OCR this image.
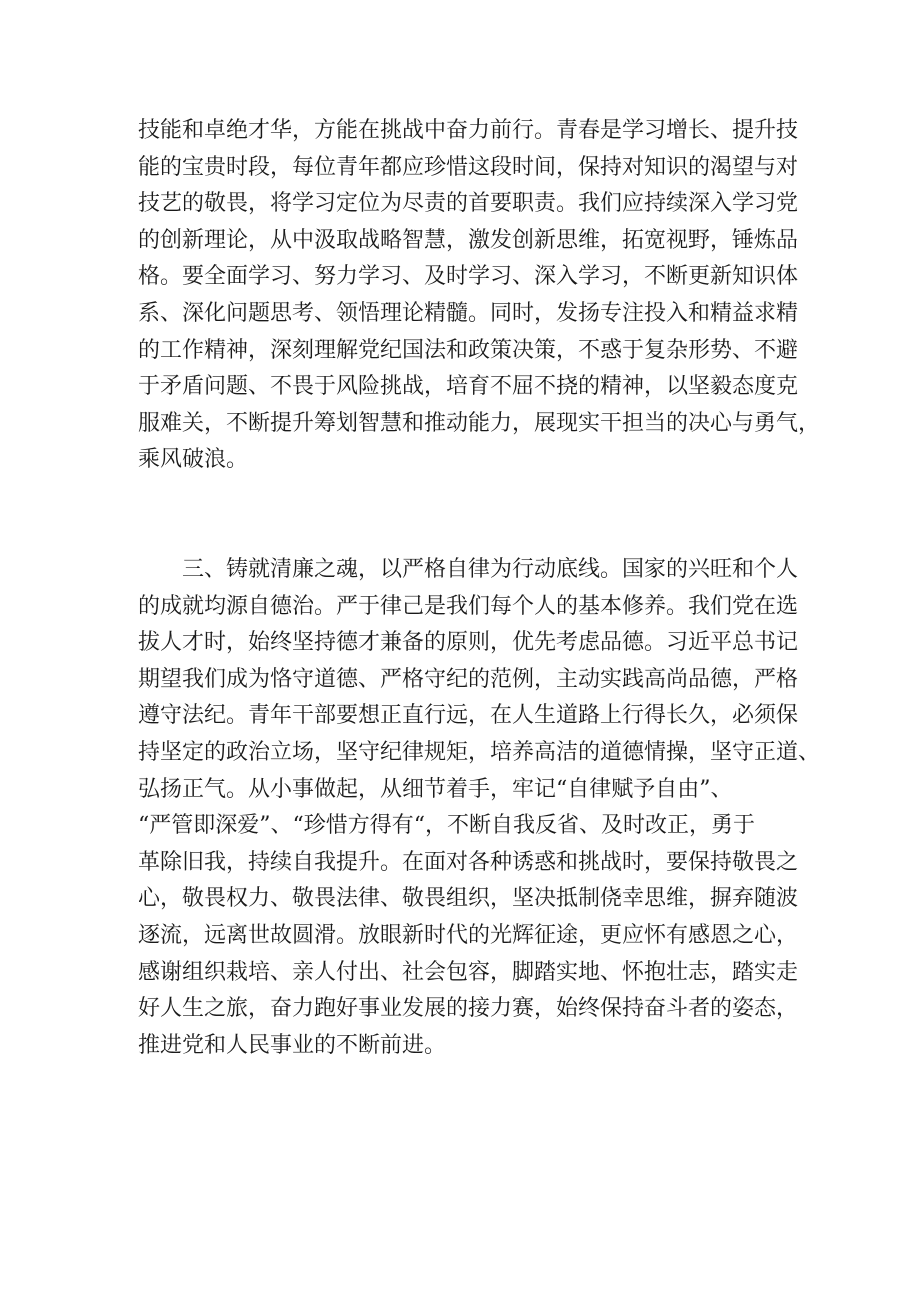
技能和卓绝才华，方能在挑战中奋力前行。青春是学习增长、提升技
能的宝贵时段，每位青年都应珍惜这段时间，保持对知识的渴望与对
技艺的敬畏，将学习定位为尽责的首要职责。我们应持续深入学习党
的创新理论，从中汲取战略智慧，激发创新思维，拓宽视野，锤炼品
格。要全面学习、努力学习、及时学习、深入学习，不断更新知识体
系、深化问题思考、领悟理论精髓。同时，发扬专注投入和精益求精
的工作精神，深刻理解党纪国法和政策决策，不惑于复杂形势、不避
于矛盾问题、不畏于风险挑战，培育不屈不挠的精神，以坚毅态度克
服难关，不断提升筹划智慧和推动能力，展现实干担当的决心与勇气，
乘风破浪。
三、铸就清廉之魂，以严格自律为行动底线。国家的兴旺和个人
的成就均源自德治。严于律己是我们每个人的基本修养。我们党在选
拔人才时，始终坚持德才兼备的原则，优先考虑品德。习近平总书记
期望我们成为恪守道德、严格守纪的范例，主动实践高尚品德，严格
遵守法纪。青年干部要想正直行远，在人生道路上行得长久，必须保
持坚定的政治立场，坚守纪律规矩，培养高洁的道德情操，坚守正道、
弘扬正气。从小事做起，从细节着手，牢记“自律赋予自由”、
“严管即深爱”、“珍惜方得有“，不断自我反省、及时改正，勇于
革除旧我，持续自我提升。在面对各种诱惑和挑战时，要保持敬畏之
心，敬畏权力、敬畏法律、敬畏组织，坚决抵制侥幸思维，摒弃随波
逐流，远离世故圆滑。放眼新时代的光辉征途，更应怀有感恩之心，
感谢组织栽培、亲人付出、社会包容，脚踏实地、怀抱壮志，踏实走
好人生之旅，奋力跑好事业发展的接力赛，始终保持奋斗者的姿态，
推进党和人民事业的不断前进。
